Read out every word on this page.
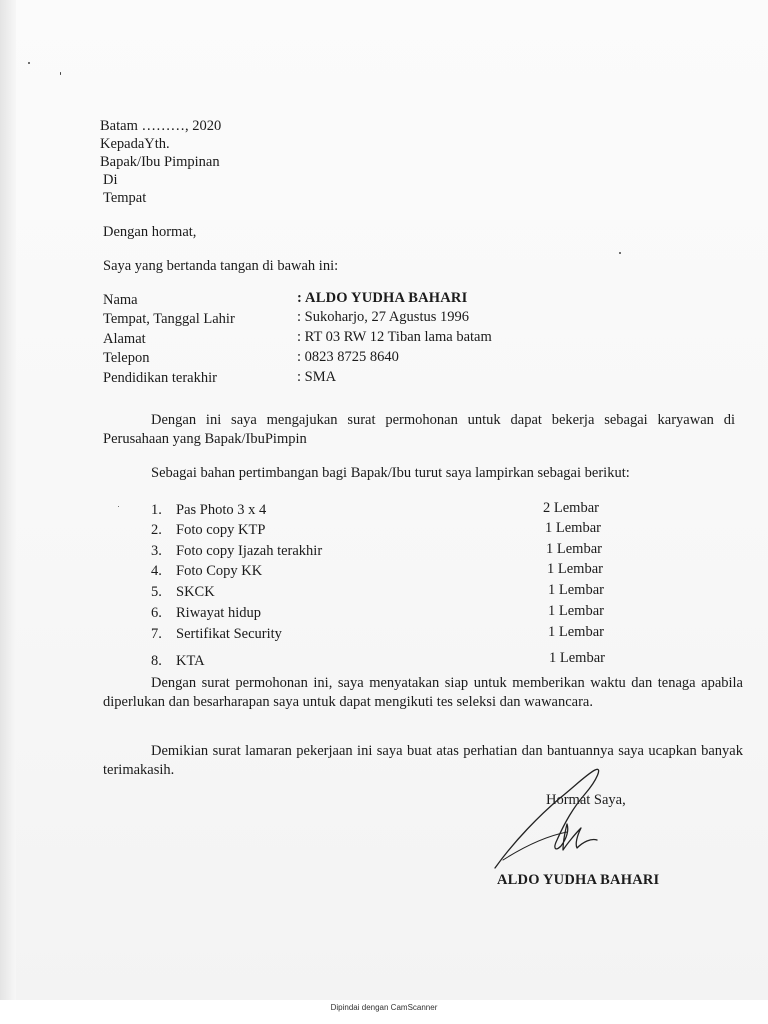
Batam ………, 2020
KepadaYth.
Bapak/Ibu Pimpinan
Di
Tempat
Dengan hormat,
Saya yang bertanda tangan di bawah ini:
Nama	: ALDO YUDHA BAHARI
Tempat, Tanggal Lahir	: Sukoharjo, 27 Agustus 1996
Alamat	: RT 03 RW 12 Tiban lama batam
Telepon	: 0823 8725 8640
Pendidikan terakhir	: SMA
Dengan ini saya mengajukan surat permohonan untuk dapat bekerja sebagai karyawan di Perusahaan yang Bapak/IbuPimpin
Sebagai bahan pertimbangan bagi Bapak/Ibu turut saya lampirkan sebagai berikut:
1. Pas Photo 3 x 4	2 Lembar
2. Foto copy KTP	1 Lembar
3. Foto copy Ijazah terakhir	1 Lembar
4. Foto Copy KK	1 Lembar
5. SKCK	1 Lembar
6. Riwayat hidup	1 Lembar
7. Sertifikat Security	1 Lembar
8. KTA	1 Lembar
Dengan surat permohonan ini, saya menyatakan siap untuk memberikan waktu dan tenaga apabila diperlukan dan besarharapan saya untuk dapat mengikuti tes seleksi dan wawancara.
Demikian surat lamaran pekerjaan ini saya buat atas perhatian dan bantuannya saya ucapkan banyak terimakasih.
Hormat Saya,
ALDO YUDHA BAHARI
Dipindai dengan CamScanner
